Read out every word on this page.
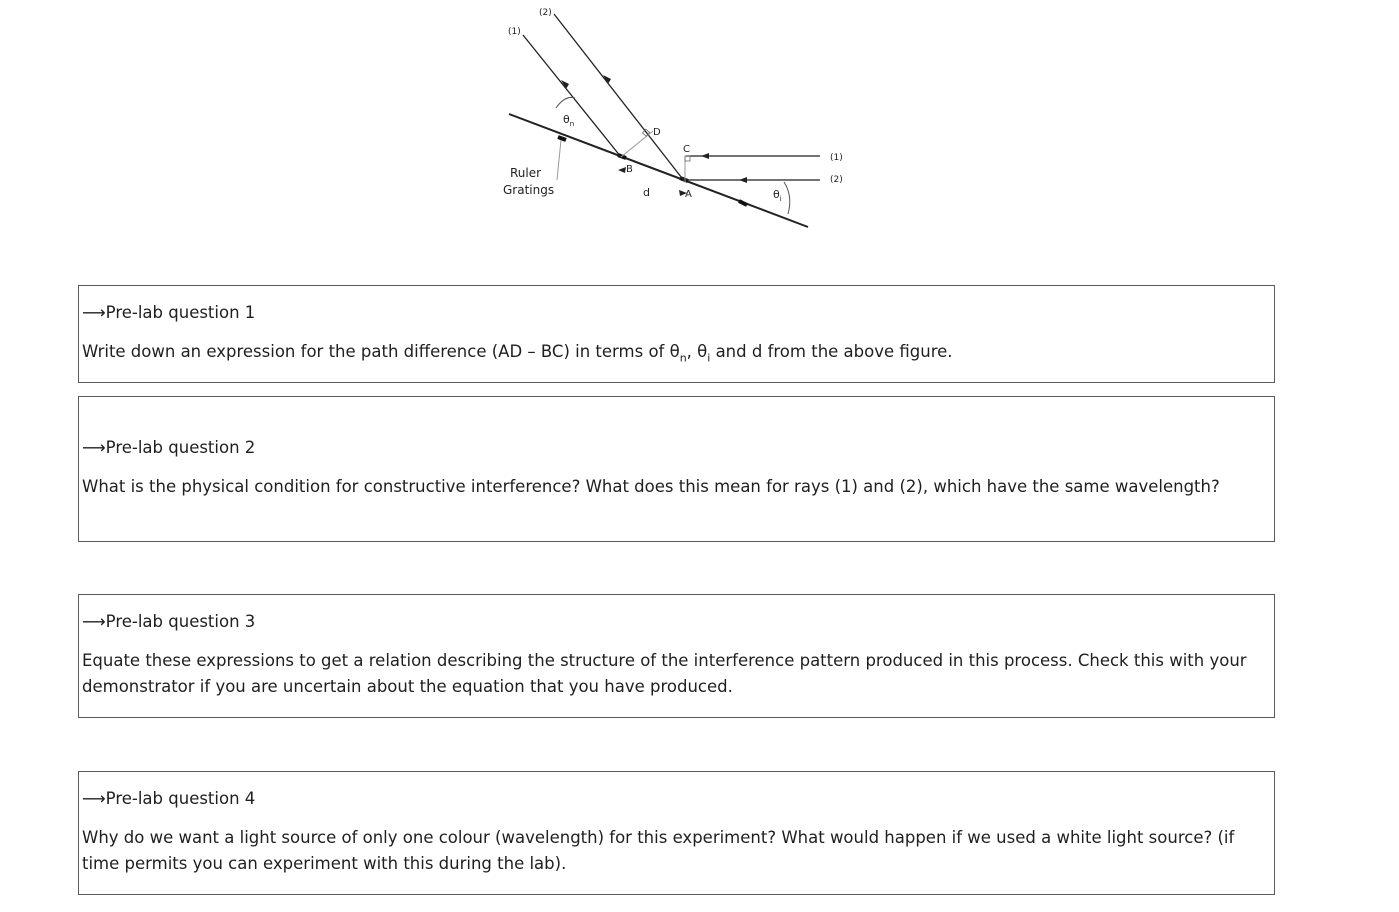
(1)
(2)
$\theta_n$
D
C
B
d	A	$\theta_i$
(1)
(2)
Ruler
Gratings
⟶ Pre-lab question 1
Write down an expression for the path difference (AD – BC) in terms of $\theta_n$, $\theta_i$ and d from the above figure.
⟶ Pre-lab question 2
What is the physical condition for constructive interference? What does this mean for rays (1) and (2), which have the same wavelength?
⟶ Pre-lab question 3
Equate these expressions to get a relation describing the structure of the interference pattern produced in this process. Check this with your demonstrator if you are uncertain about the equation that you have produced.
⟶ Pre-lab question 4
Why do we want a light source of only one colour (wavelength) for this experiment? What would happen if we used a white light source? (if time permits you can experiment with this during the lab).
